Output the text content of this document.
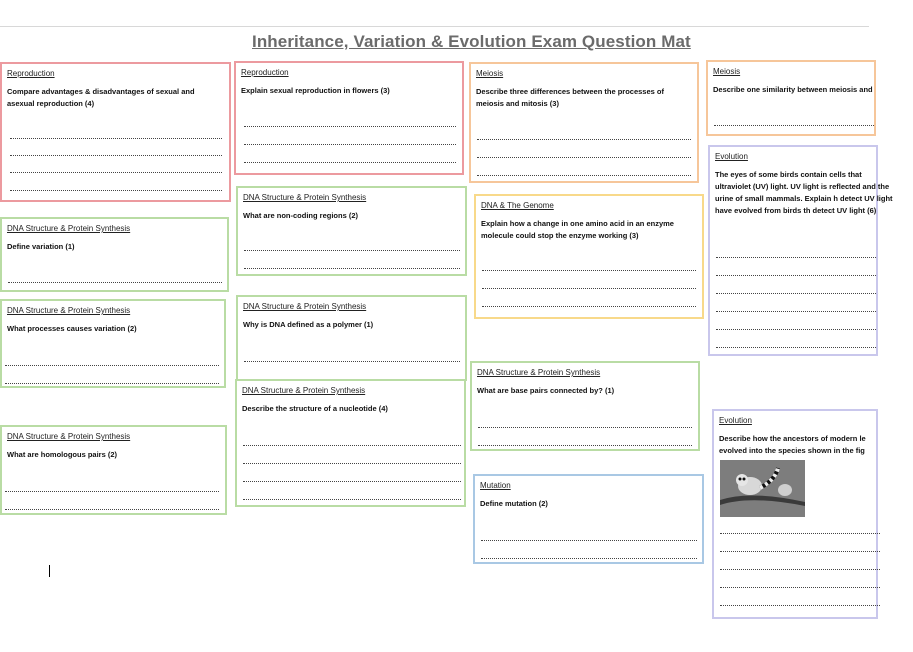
Inheritance, Variation & Evolution Exam Question Mat
Reproduction
Compare advantages & disadvantages of sexual and asexual reproduction (4)
Reproduction
Explain sexual reproduction in flowers (3)
Meiosis
Describe three differences between the processes of meiosis and mitosis (3)
Meiosis
Describe one similarity between meiosis and
DNA Structure & Protein Synthesis
Define variation (1)
DNA Structure & Protein Synthesis
What are non-coding regions (2)
DNA & The Genome
Explain how a change in one amino acid in an enzyme molecule could stop the enzyme working (3)
Evolution
The eyes of some birds contain cells that ultraviolet (UV) light. UV light is reflected and the urine of small mammals. Explain h detect UV light have evolved from birds th detect UV light (6)
DNA Structure & Protein Synthesis
What processes causes variation (2)
DNA Structure & Protein Synthesis
Why is DNA defined as a polymer (1)
DNA Structure & Protein Synthesis
Describe the structure of a nucleotide (4)
DNA Structure & Protein Synthesis
What are base pairs connected by? (1)
DNA Structure & Protein Synthesis
What are homologous pairs (2)
Mutation
Define mutation (2)
Evolution
Describe how the ancestors of modern le evolved into the species shown in the fig
